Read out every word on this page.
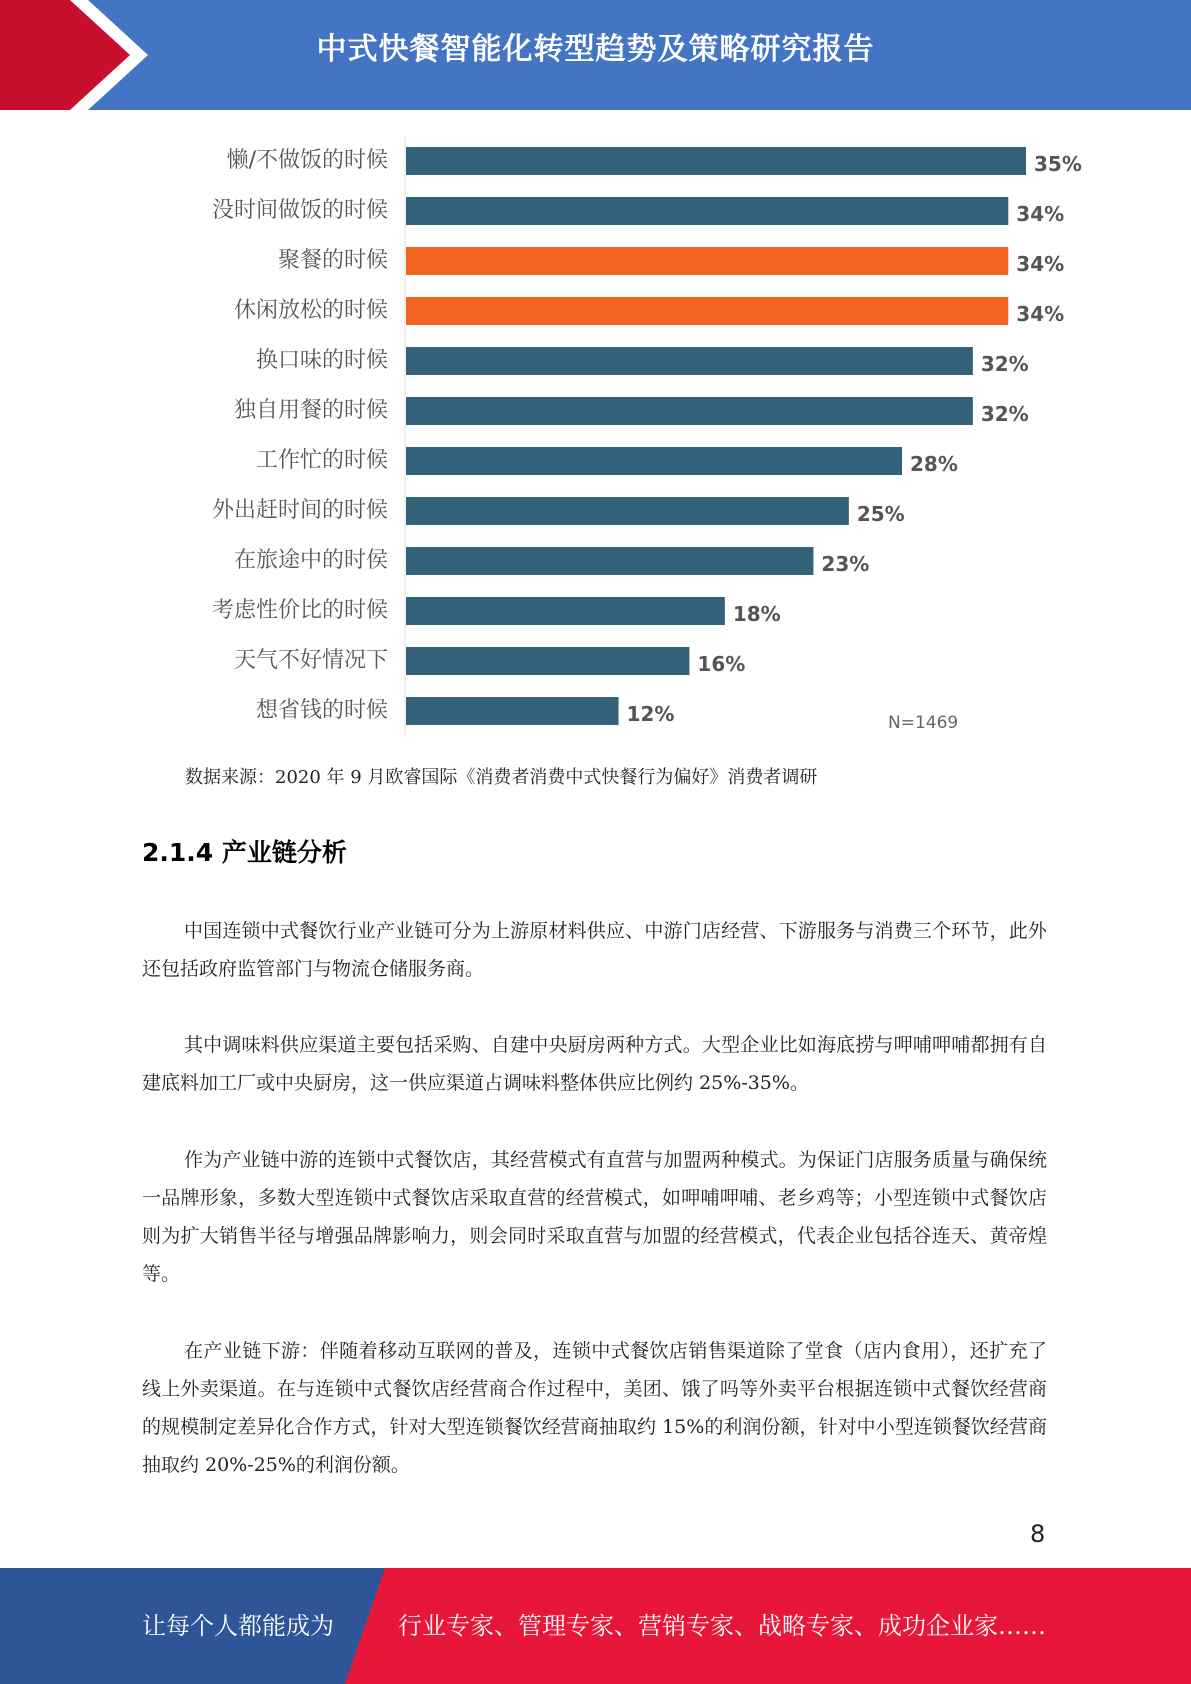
中式快餐智能化转型趋势及策略研究报告
懒/不做饭的时候	35%
没时间做饭的时候	34%
聚餐的时候	34%
休闲放松的时候	34%
换口味的时候	32%
独自用餐的时候	32%
工作忙的时候	28%
外出赶时间的时候	25%
在旅途中的时侯	23%
考虑性价比的时候	18%
天气不好情况下	16%
想省钱的时候	12%	N=1469
数据来源：2020 年 9 月欧睿国际《消费者消费中式快餐行为偏好》消费者调研
2.1.4 产业链分析

中国连锁中式餐饮行业产业链可分为上游原材料供应、中游门店经营、下游服务与消费三个环节，此外还包括政府监管部门与物流仓储服务商。

其中调味料供应渠道主要包括采购、自建中央厨房两种方式。大型企业比如海底捞与呷哺呷哺都拥有自建底料加工厂或中央厨房，这一供应渠道占调味料整体供应比例约 25%-35%。

作为产业链中游的连锁中式餐饮店，其经营模式有直营与加盟两种模式。为保证门店服务质量与确保统一品牌形象，多数大型连锁中式餐饮店采取直营的经营模式，如呷哺呷哺、老乡鸡等；小型连锁中式餐饮店则为扩大销售半径与增强品牌影响力，则会同时采取直营与加盟的经营模式，代表企业包括谷连天、黄帝煌等。

在产业链下游：伴随着移动互联网的普及，连锁中式餐饮店销售渠道除了堂食（店内食用），还扩充了线上外卖渠道。在与连锁中式餐饮店经营商合作过程中，美团、饿了吗等外卖平台根据连锁中式餐饮经营商的规模制定差异化合作方式，针对大型连锁餐饮经营商抽取约 15%的利润份额，针对中小型连锁餐饮经营商抽取约 20%-25%的利润份额。

8
让每个人都能成为	行业专家、管理专家、营销专家、战略专家、成功企业家……
